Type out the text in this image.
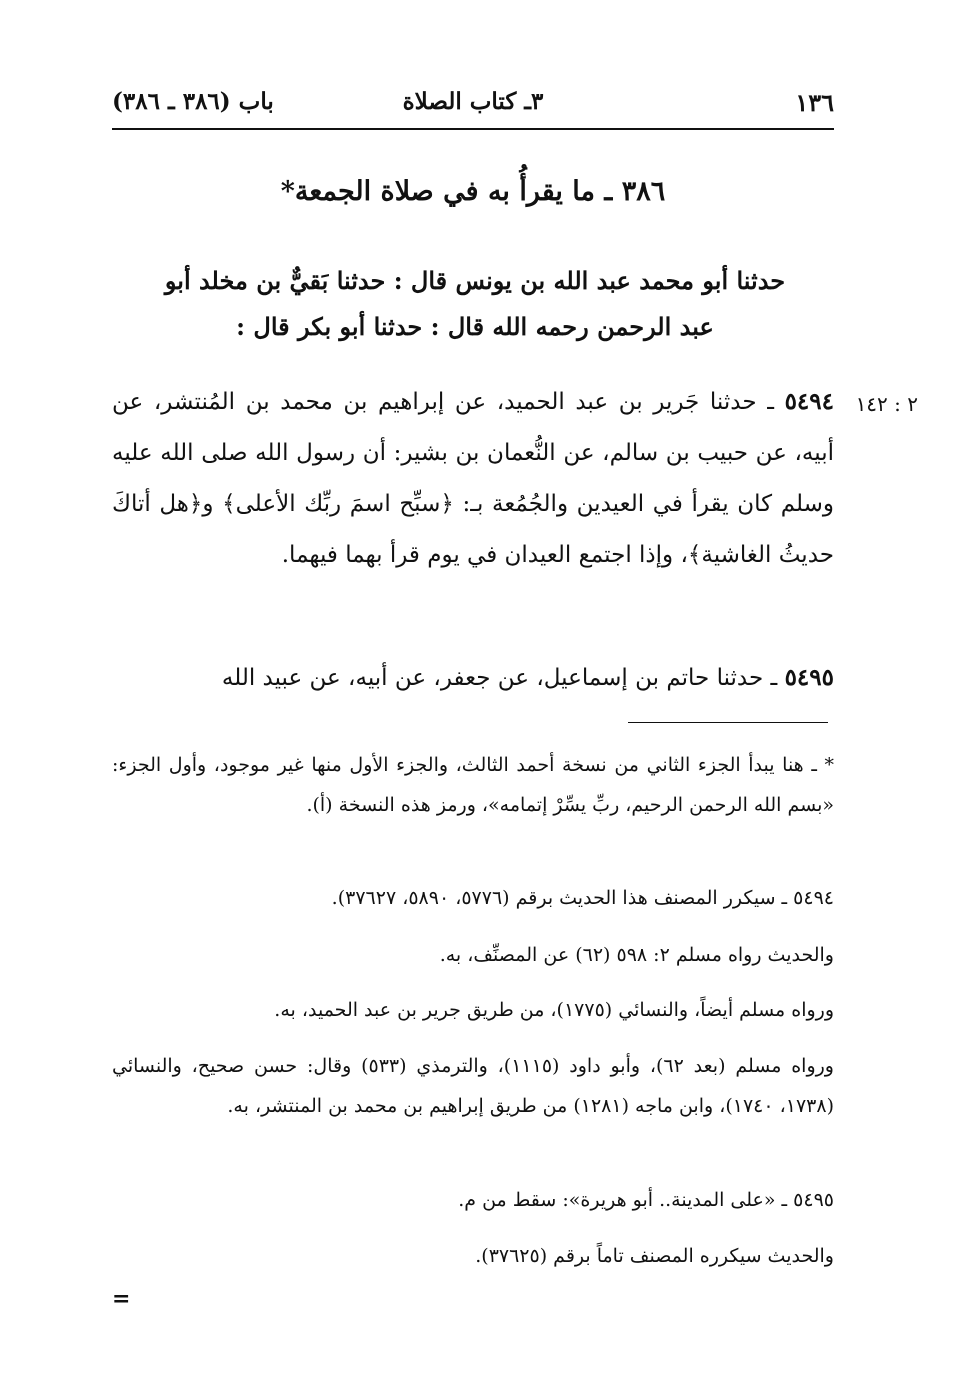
١٣٦
٣ـ كتاب الصلاة
باب (٣٨٦ ـ ٣٨٦)
٣٨٦ ـ ما يقرأُ به في صلاة الجمعة*
حدثنا أبو محمد عبد الله بن يونس قال : حدثنا بَقيٌّ بن مخلد أبو عبد الرحمن رحمه الله قال : حدثنا أبو بكر قال :
٢ : ١٤٢
٥٤٩٤ ـ حدثنا جَرير بن عبد الحميد، عن إبراهيم بن محمد بن المُنتشر، عن أبيه، عن حبيب بن سالم، عن النُّعمان بن بشير: أن رسول الله صلى الله عليه وسلم كان يقرأ في العيدين والجُمُعة بـ: ﴿سبِّح اسمَ ربِّك الأعلى﴾ و﴿هل أتاكَ حديثُ الغاشية﴾، وإذا اجتمع العيدان في يوم قرأ بهما فيهما.
٥٤٩٥ ـ حدثنا حاتم بن إسماعيل، عن جعفر، عن أبيه، عن عبيد الله
* ـ هنا يبدأ الجزء الثاني من نسخة أحمد الثالث، والجزء الأول منها غير موجود، وأول الجزء: «بسم الله الرحمن الرحيم، ربِّ يسِّرْ إتمامه»، ورمز هذه النسخة (أ).
٥٤٩٤ ـ سيكرر المصنف هذا الحديث برقم (٥٧٧٦، ٥٨٩٠، ٣٧٦٢٧).
والحديث رواه مسلم ٢: ٥٩٨ (٦٢) عن المصنِّف، به.
ورواه مسلم أيضاً، والنسائي (١٧٧٥)، من طريق جرير بن عبد الحميد، به.
ورواه مسلم (بعد ٦٢)، وأبو داود (١١١٥)، والترمذي (٥٣٣) وقال: حسن صحيح، والنسائي (١٧٣٨، ١٧٤٠)، وابن ماجه (١٢٨١) من طريق إبراهيم بن محمد بن المنتشر، به.
٥٤٩٥ ـ «على المدينة.. أبو هريرة»: سقط من م.
والحديث سيكرره المصنف تاماً برقم (٣٧٦٢٥).
=
